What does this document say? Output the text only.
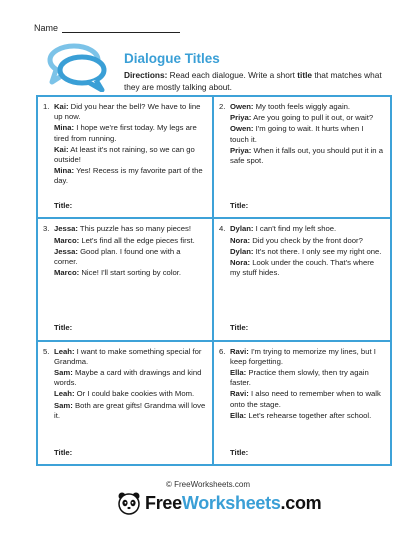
Name
Dialogue Titles
Directions: Read each dialogue. Write a short title that matches what they are mostly talking about.
1. Kai: Did you hear the bell? We have to line up now.
Mina: I hope we're first today. My legs are tired from running.
Kai: At least it's not raining, so we can go outside!
Mina: Yes! Recess is my favorite part of the day.
Title:
2. Owen: My tooth feels wiggly again.
Priya: Are you going to pull it out, or wait?
Owen: I'm going to wait. It hurts when I touch it.
Priya: When it falls out, you should put it in a safe spot.
Title:
3. Jessa: This puzzle has so many pieces!
Marco: Let's find all the edge pieces first.
Jessa: Good plan. I found one with a corner.
Marco: Nice! I'll start sorting by color.
Title:
4. Dylan: I can't find my left shoe.
Nora: Did you check by the front door?
Dylan: It's not there. I only see my right one.
Nora: Look under the couch. That's where my stuff hides.
Title:
5. Leah: I want to make something special for Grandma.
Sam: Maybe a card with drawings and kind words.
Leah: Or I could bake cookies with Mom.
Sam: Both are great gifts! Grandma will love it.
Title:
6. Ravi: I'm trying to memorize my lines, but I keep forgetting.
Ella: Practice them slowly, then try again faster.
Ravi: I also need to remember when to walk onto the stage.
Ella: Let's rehearse together after school.
Title:
© FreeWorksheets.com
FreeWorksheets.com
